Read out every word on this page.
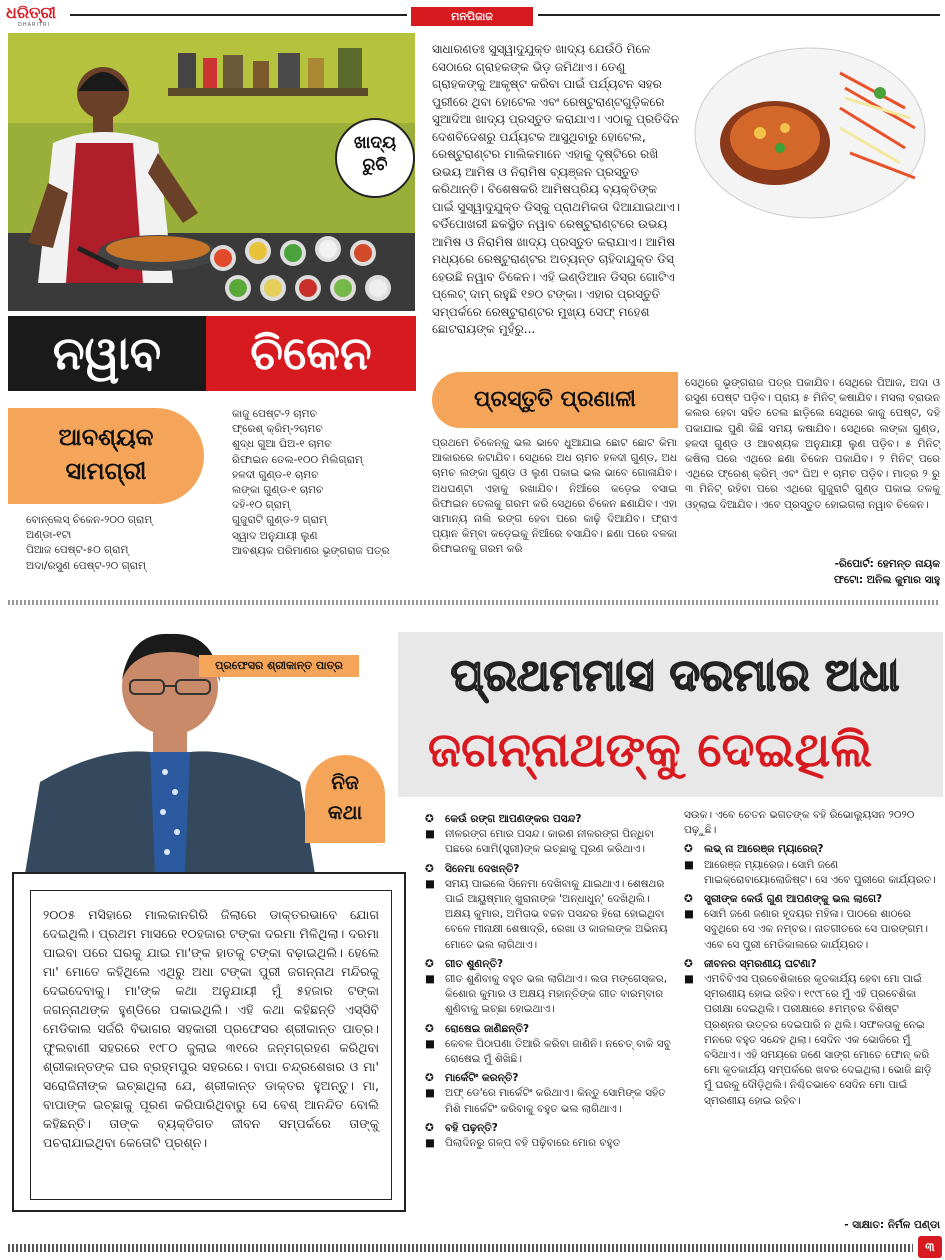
ଧରିତ୍ରୀ
DHARITRI
ମନପିଜାଜ
ଖାଦ୍ୟ
ରୁଚି

ସାଧାରଣତଃ ସୁସ୍ୱାଦୁଯୁକ୍ତ ଖାଦ୍ୟ ଯେଉଁଠି ମିଳେ ସେଠାରେ ଗ୍ରାହକଙ୍କ ଭିଡ଼ ଜମିଥାଏ। ତେଣୁ ଗ୍ରାହକଙ୍କୁ ଆକୃଷ୍ଟ କରିବା ପାଇଁ ପର୍ଯ୍ୟଟନ ସହର ପୁରୀରେ ଥିବା ହୋଟେଲ ଏବଂ ରେଷ୍ଟୁରାଣ୍ଟଗୁଡ଼ିକରେ ସୁଆଦିଆ ଖାଦ୍ୟ ପ୍ରସ୍ତୁତ କରାଯାଏ। ଏଠାକୁ ପ୍ରତିଦିନ ଦେଶବିଦେଶରୁ ପର୍ଯ୍ୟଟକ ଆସୁଥିବାରୁ ହୋଟେଲ, ରେଷ୍ଟୁରାଣ୍ଟର ମାଲିକମାନେ ଏହାକୁ ଦୃଷ୍ଟିରେ ରଖି ଉଭୟ ଆମିଷ ଓ ନିରାମିଷ ବ୍ୟଞ୍ଜନ ପ୍ରସ୍ତୁତ କରିଥାନ୍ତି। ବିଶେଷକରି ଆମିଷପ୍ରିୟ ବ୍ୟକ୍ତିଙ୍କ ପାଇଁ ସୁସ୍ୱାଦୁଯୁକ୍ତ ଡିସ୍‌କୁ ପ୍ରାଥମିକତା ଦିଆଯାଇଥାଏ। ବର୍ଡିପୋଖରୀ ଛକସ୍ଥିତ ନୱାବ ରେଷ୍ଟୁରାଣ୍ଟରେ ଉଭୟ ଆମିଷ ଓ ନିରାମିଷ ଖାଦ୍ୟ ପ୍ରସ୍ତୁତ କରାଯାଏ। ଆମିଷ ମଧ୍ୟରେ ରେଷ୍ଟୁରାଣ୍ଟର ଅତ୍ୟନ୍ତ ଚାହିଦାଯୁକ୍ତ ଡିସ୍ ହେଉଛି ନୱାବ ଚିକେନ। ଏହି ଇଣ୍ଡିଆନ ଡିସ୍‌ର ଗୋଟିଏ ପ୍ଲେଟ୍ ଦାମ୍ ରହୁଛି ୧୭୦ ଟଙ୍କା। ଏହାର ପ୍ରସ୍ତୁତି ସମ୍ପର୍କରେ ରେଷ୍ଟୁରାଣ୍ଟର ମୁଖ୍ୟ ସେଫ୍ ମହେଶ ଛୋଟରାୟଙ୍କ ମୁହଁରୁ...

ନୱାବ	ଚିକେନ
ଆବଶ୍ୟକ
ସାମଗ୍ରୀ
ବୋନ୍‌ଲେସ୍ ଚିକେନ-୨୦୦ ଗ୍ରାମ୍
ଅଣ୍ଡା-୧ଟା
ପିଆଜ ପେଷ୍ଟ-୫୦ ଗ୍ରାମ୍
ଅଦା/ରସୁଣ ପେଷ୍ଟ-୨୦ ଗ୍ରାମ୍
କାଜୁ ପେଷ୍ଟ-୨ ଚାମଚ
ଫ୍ରେଶ୍ କ୍ରିମ୍-୨ଚାମଚ
ଶୁଦ୍ଧ ଗୁଆ ଘିଅ-୧ ଚାମଚ
ରିଫାଇନ ତେଲ-୧୦୦ ମିଲିଗ୍ରାମ୍
ହଳଦୀ ଗୁଣ୍ଡ-୧ ଚାମଚ
ଲଙ୍କା ଗୁଣ୍ଡ-୧ ଚାମଚ
ଦହି-୧୦ ଗ୍ରାମ୍
ଗୁଜୁରାଟି ଗୁଣ୍ଡ-୨ ଗ୍ରାମ୍
ସ୍ୱାଦ ଅନୁଯାୟୀ ଲୁଣ
ଆବଶ୍ୟକ ପରିମାଣର ଭୃଙ୍ଗରାଜ ପତ୍ର
ପ୍ରସ୍ତୁତି ପ୍ରଣାଳୀ

ପ୍ରଥମେ ଚିକେନ୍‌କୁ ଭଲ ଭାବେ ଧୁଆଯାଇ ଛୋଟ ଛୋଟ କିମା ଆକାରରେ କଟାଯିବ। ସେଥିରେ ଅଧ ଚାମଚ ହଳଦୀ ଗୁଣ୍ଡ, ଅଧ ଚାମଚ ଲଙ୍କା ଗୁଣ୍ଡ ଓ ଲୁଣ ପକାଇ ଭଲ ଭାବେ ଗୋଳାଯିବ। ଅଧଘଣ୍ଟା ଏହାକୁ ରଖାଯିବ। ନିଆଁରେ କଡ଼େଇ ବସାଇ ରିଫାଇନ ତେଲକୁ ଗରମ କରି ସେଥିରେ ଚିକେନ ଛଣାଯିବ। ଏହା ସାମାନ୍ୟ ନାଲି ରଙ୍ଗ ହେବା ପରେ କାଢ଼ି ଦିଆଯିବ। ଫ୍ରାଏ ପ୍ୟାନ କିମ୍ବା କଡ଼େଇକୁ ନିଆଁରେ ବସାଯିବ। ଛଣା ପରେ ବଳକା ରିଫାଇନକୁ ଗରମ କରି

ସେଥିରେ ଭୃଙ୍ଗରାଜ ପତ୍ର ପକାଯିବ। ସେଥିରେ ପିଆଜ, ଅଦା ଓ ରସୁଣ ପେଷ୍ଟ ପଡ଼ିବ। ପ୍ରାୟ ୫ ମିନିଟ୍ କଷାଯିବ। ମସଲା ବ୍ରାଉନ କଲର ହେବା ସହିତ ତେଲ ଛାଡ଼ିଲେ ସେଥିରେ କାଜୁ ପେଷ୍ଟ, ଦହି ପକାଯାଇ ପୁଣି କିଛି ସମୟ କଷାଯିବ। ସେଥିରେ ଲଙ୍କା ଗୁଣ୍ଡ, ହଳଦୀ ଗୁଣ୍ଡ ଓ ଆବଶ୍ୟକ ଅନୁଯାୟୀ ଲୁଣ ପଡ଼ିବ। ୫ ମିନିଟ୍ କଷିଲା ପରେ ଏଥିରେ ଛଣା ଚିକେନ ପକାଯିବ। ୨ ମିନିଟ୍ ପରେ ଏଥିରେ ଫ୍ରେଶ୍ କ୍ରିମ୍ ଏବଂ ଘିଅ ୧ ଚାମଚ ପଡ଼ିବ। ମାତ୍ର ୨ ରୁ ୩ ମିନିଟ୍ ରହିବା ପରେ ଏଥିରେ ଗୁଜୁରାଟି ଗୁଣ୍ଡ ପକାଇ ତଳକୁ ଓହ୍ଲାଇ ଦିଆଯିବ। ଏବେ ପ୍ରସ୍ତୁତ ହୋଇଗଲା ନୱାବ ଚିକେନ।

-ରିପୋର୍ଟ: ହେମନ୍ତ ନାୟକ
ଫଟୋ: ଅନିଲ କୁମାର ସାହୁ
ପ୍ରଫେସର ଶ୍ରୀକାନ୍ତ ପାତ୍ର	ପ୍ରଥମମାସ ଦରମାର ଅଧା
ଜଗନ୍ନାଥଙ୍କୁ ଦେଇଥିଲି
ନିଜ
କଥା

୨୦୦୫ ମସିହାରେ ମାଲକାନଗିରି ଜିଲାରେ ଡାକ୍ତରଭାବେ ଯୋଗ ଦେଇଥିଲି। ପ୍ରଥମ ମାସରେ ୧୦ହଜାର ଟଙ୍କା ଦରମା ମିଳିଥିଲା। ଦରମା ପାଇବା ପରେ ଘରକୁ ଯାଇ ମା'ଙ୍କ ହାତକୁ ଟଙ୍କା ବଢ଼ାଇଥିଲି। ହେଲେ ମା' ମୋତେ କହିଥିଲେ ଏଥିରୁ ଅଧା ଟଙ୍କା ପୁରୀ ଜଗନ୍ନାଥ ମନ୍ଦିରକୁ ଦେଇଦେବାକୁ। ମା'ଙ୍କ କଥା ଅନୁଯାୟୀ ମୁଁ ୫ହଜାର ଟଙ୍କା ଜଗନ୍ନାଥଙ୍କ ହୁଣ୍ଡିରେ ପକାଇଥିଲି। ଏହି କଥା କହିଛନ୍ତି ଏସ୍‌ସିବି ମେଡିକାଲ ସର୍ଜରି ବିଭାଗର ସହକାରୀ ପ୍ରଫେସର ଶ୍ରୀକାନ୍ତ ପାତ୍ର। ଫୁଲବାଣୀ ସହରରେ ୧୯୮୦ ଜୁଲାଇ ୩୧ରେ ଜନ୍ମଗ୍ରହଣ କରିଥିବା ଶ୍ରୀକାନ୍ତଙ୍କ ଘର ବ୍ରହ୍ମପୁର ସହରରେ। ବାପା ଚନ୍ଦ୍ରଶେଖର ଓ ମା' ସରୋଜିନୀଙ୍କ ଇଚ୍ଛାଥିଲା ଯେ, ଶ୍ରୀକାନ୍ତ ଡାକ୍ତର ହୁଅନ୍ତୁ। ମା, ବାପାଙ୍କ ଇଚ୍ଛାକୁ ପୂରଣ କରିପାରିଥିବାରୁ ସେ ବେଶ୍ ଆନନ୍ଦିତ ବୋଲି କହିଛନ୍ତି। ତାଙ୍କ ବ୍ୟକ୍ତିଗତ ଜୀବନ ସମ୍ପର୍କରେ ତାଙ୍କୁ ପଚରାଯାଇଥିବା କେତୋଟି ପ୍ରଶ୍ନ।

✪	କେଉଁ ରଙ୍ଗ ଆପଣଙ୍କର ପସନ୍ଦ?
■ ନୀଳରଙ୍ଗ ମୋର ପସନ୍ଦ। କାରଣ ନୀଳରଙ୍ଗ ପିନ୍ଧିବା ପଛରେ ସୋମି(ସ୍ତ୍ରୀ)ଙ୍କ ଇଚ୍ଛାକୁ ପୂରଣ କରିଥାଏ।
✪	ସିନେମା ଦେଖନ୍ତି?
■ ସମୟ ପାଇଲେ ସିନେମା ଦେଖିବାକୁ ଯାଇଥାଏ। ଶେଷଥର ପାଇଁ ଆୟୁଷ୍ମାନ୍ ଖୁରାନାଙ୍କ 'ଅନ୍ଧାଧୁନ୍' ଦେଖିଥିଲି। ଅକ୍ଷୟ କୁମାର, ଅମିତାଭ ବଚ୍ଚନ ପସନ୍ଦର ହିରୋ ହୋଇଥିବା ବେଳେ ମୀନାକ୍ଷୀ ଶେଷାଦ୍ରି, ରେଖା ଓ କାଜଲଙ୍କ ଅଭିନୟ ମୋତେ ଭଲ ଲାଗିଥାଏ।
✪	ଗୀତ ଶୁଣନ୍ତି?
■ ଗୀତ ଶୁଣିବାକୁ ବହୁତ ଭଲ ଲାଗିଥାଏ। ଲତା ମଙ୍ଗେସ୍କର, କିଶୋର କୁମାର ଓ ଅକ୍ଷୟ ମହାନ୍ତିଙ୍କ ଗୀତ ବାରମ୍ବାର ଶୁଣିବାକୁ ଇଚ୍ଛା ହୋଇଥାଏ।
✪	ରୋଷେଇ ଜାଣିଛନ୍ତି?
■ କେବଳ ପିଠାପଣା ତିଆରି କରିବା ଜାଣିନି। ନଚେତ୍ ବାକି ସବୁ ରୋଷେଇ ମୁଁ ଶିଖିଛି।
✪	ମାର୍କେଟିଂ କରନ୍ତି?
■ ଅଫ୍ ଡେ'ରେ ମାର୍କେଟିଂ କରିଥାଏ। କିନ୍ତୁ ସୋମିଙ୍କ ସହିତ ମିଶି ମାର୍କେଟିଂ କରିବାକୁ ବହୁତ ଭଲ ଲାଗିଥାଏ।
✪	ବହି ପଢ଼ନ୍ତି?
■ ପିଲାଦିନରୁ ଗଳ୍ପ ବହି ପଢ଼ିବାରେ ମୋର ବହୁତ
ସଉକ। ଏବେ ଚେତନ ଭଗତଙ୍କ ବହି ରିଭୋଲ୍ୟୁସନ ୨୦୨୦ ପଢ଼ୁଛି।
✪	ଲଭ୍ ନା ଆରେଞ୍ଜ ମ୍ୟାରେଜ୍?
■ ଆରେଞ୍ଜ ମ୍ୟାରେଜ। ସୋମି ଜଣେ ମାଇକ୍ରୋବାୟୋଲୋଜିଷ୍ଟ। ସେ ଏବେ ପୁରୀରେ କାର୍ଯ୍ୟରତ।
✪	ସ୍ତ୍ରୀଙ୍କ କେଉଁ ଗୁଣ ଆପଣଙ୍କୁ ଭଲ ଲାଗେ?
■ ସୋମି ଜଣେ ଜଣାର ହୃଦୟର ମହିଳା। ପାଠରେ ଶାଠରେ ସବୁଥିରେ ସେ ଏକ ନମ୍ବର। ନାତଗୀତରେ ସେ ପାରଙ୍ଗମ। ଏବେ ସେ ପୁରୀ ମେଡିକାଲରେ କାର୍ଯ୍ୟରତ।
✪	ଜୀବନର ସ୍ମରଣୀୟ ଘଟଣା?
■ ଏମବିବିଏସ ପ୍ରବେଶିକାରେ କୃତକାର୍ଯ୍ୟ ହେବା ମୋ ପାଇଁ ସ୍ମରଣୀୟ ହୋଇ ରହିବ। ୧୯୯୮ରେ ମୁଁ ଏହି ପ୍ରବେଶିକା ପରୀକ୍ଷା ଦେଇଥିଲି। ପରୀକ୍ଷାରେ ୫ମମ୍ବର ବିଶିଷ୍ଟ ପ୍ରଶ୍ନର ଉତ୍ତର ଦେଇପାରି ନ ଥିଲି। ସଫଳତାକୁ ନେଇ ମନରେ ବହୁତ ସନ୍ଦେହ ଥିଲା। ସେଦିନ ଏକ ଭୋଜିରେ ମୁଁ ବସିଥାଏ। ଏହି ସମୟରେ ଜଣେ ସାଙ୍ଗ ମୋତେ ଫୋନ୍ କରି ମୋ କୃତକାର୍ଯ୍ୟ ସମ୍ପର୍କରେ ଖବର ଦେଇଥିଲା। ଭୋଜି ଛାଡ଼ି ମୁଁ ଘରକୁ ଦୌଡ଼ିଥିଲି। ନିଶ୍ଚିତଭାବେ ସେଦିନ ମୋ ପାଇଁ ସ୍ମରଣୀୟ ହୋଇ ରହିବ।
- ସାକ୍ଷାତ: ନିର୍ମଳ ପଣ୍ଡା
୩
